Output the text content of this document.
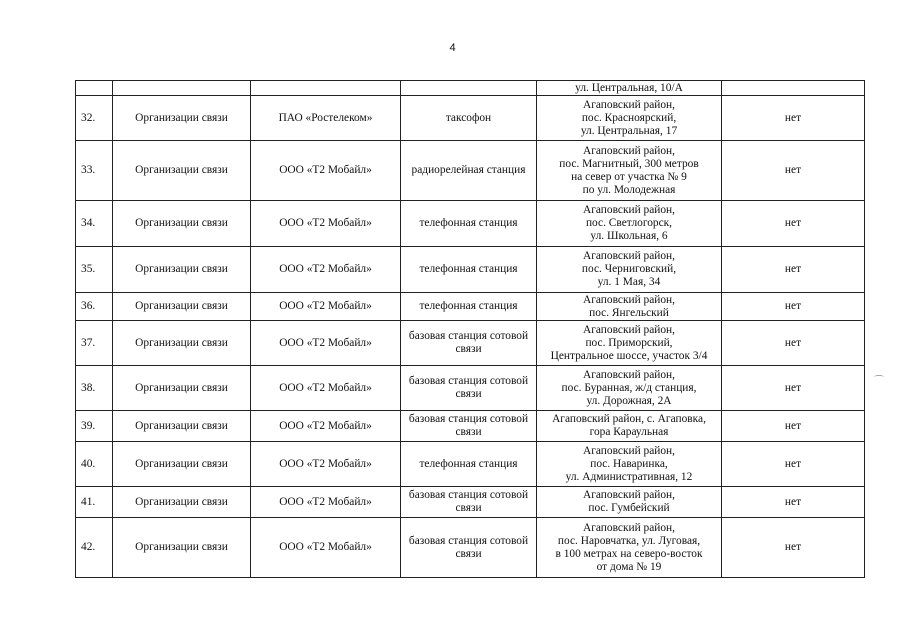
4

				ул. Центральная, 10/А	

32.	Организации связи	ПАО «Ростелеком»	таксофон	Агаповский район,
пос. Красноярский,
ул. Центральная, 17	нет
33.	Организации связи	ООО «Т2 Мобайл»	радиорелейная станция	Агаповский район,
пос. Магнитный, 300 метров
на север от участка № 9
по ул. Молодежная	нет
34.	Организации связи	ООО «Т2 Мобайл»	телефонная станция	Агаповский район,
пос. Светлогорск,
ул. Школьная, 6	нет
35.	Организации связи	ООО «Т2 Мобайл»	телефонная станция	Агаповский район,
пос. Черниговский,
ул. 1 Мая, 34	нет
36.	Организации связи	ООО «Т2 Мобайл»	телефонная станция	Агаповский район,
пос. Янгельский	нет
37.	Организации связи	ООО «Т2 Мобайл»	базовая станция сотовой связи	Агаповский район,
пос. Приморский,
Центральное шоссе, участок 3/4	нет
38.	Организации связи	ООО «Т2 Мобайл»	базовая станция сотовой связи	Агаповский район,
пос. Буранная, ж/д станция,
ул. Дорожная, 2А	нет
39.	Организации связи	ООО «Т2 Мобайл»	базовая станция сотовой связи	Агаповский район, с. Агаповка,
гора Караульная	нет
40.	Организации связи	ООО «Т2 Мобайл»	телефонная станция	Агаповский район,
пос. Наваринка,
ул. Административная, 12	нет
41.	Организации связи	ООО «Т2 Мобайл»	базовая станция сотовой связи	Агаповский район,
пос. Гумбейский	нет
42.	Организации связи	ООО «Т2 Мобайл»	базовая станция сотовой связи	Агаповский район,
пос. Наровчатка, ул. Луговая,
в 100 метрах на северо-восток
от дома № 19	нет
⌒
